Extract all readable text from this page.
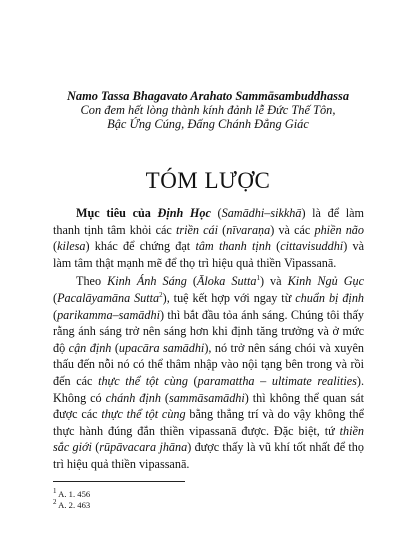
Namo Tassa Bhagavato Arahato Sammāsambuddhassa
Con đem hết lòng thành kính đảnh lễ Đức Thế Tôn,
Bậc Ứng Cúng, Đấng Chánh Đẳng Giác
TÓM LƯỢC

Mục tiêu của Định Học (Samādhi–sikkhā) là để làm thanh tịnh tâm khỏi các triền cái (nīvaraṇa) và các phiền não (kilesa) khác để chứng đạt tâm thanh tịnh (cittavisuddhi) và làm tâm thật mạnh mẽ để thọ trì hiệu quả thiền Vipassanā.

Theo Kinh Ánh Sáng (Āloka Sutta$^1$) và Kinh Ngủ Gục (Pacalāyamāna Sutta$^2$), tuệ kết hợp với ngay từ chuẩn bị định (parikamma–samādhi) thì bắt đầu tỏa ánh sáng. Chúng tôi thấy rằng ánh sáng trở nên sáng hơn khi định tăng trưởng và ở mức độ cận định (upacāra samādhi), nó trở nên sáng chói và xuyên thấu đến nỗi nó có thể thâm nhập vào nội tạng bên trong và rồi đến các thực thể tột cùng (paramattha – ultimate realities). Không có chánh định (sammāsamādhi) thì không thể quan sát được các thực thể tột cùng bằng thẳng trí và do vậy không thể thực hành đúng đắn thiền vipassanā được. Đặc biệt, tứ thiền sắc giới (rūpāvacara jhāna) được thấy là vũ khí tốt nhất để thọ trì hiệu quả thiền vipassanā.

$^1$ A. 1. 456
$^2$ A. 2. 463
